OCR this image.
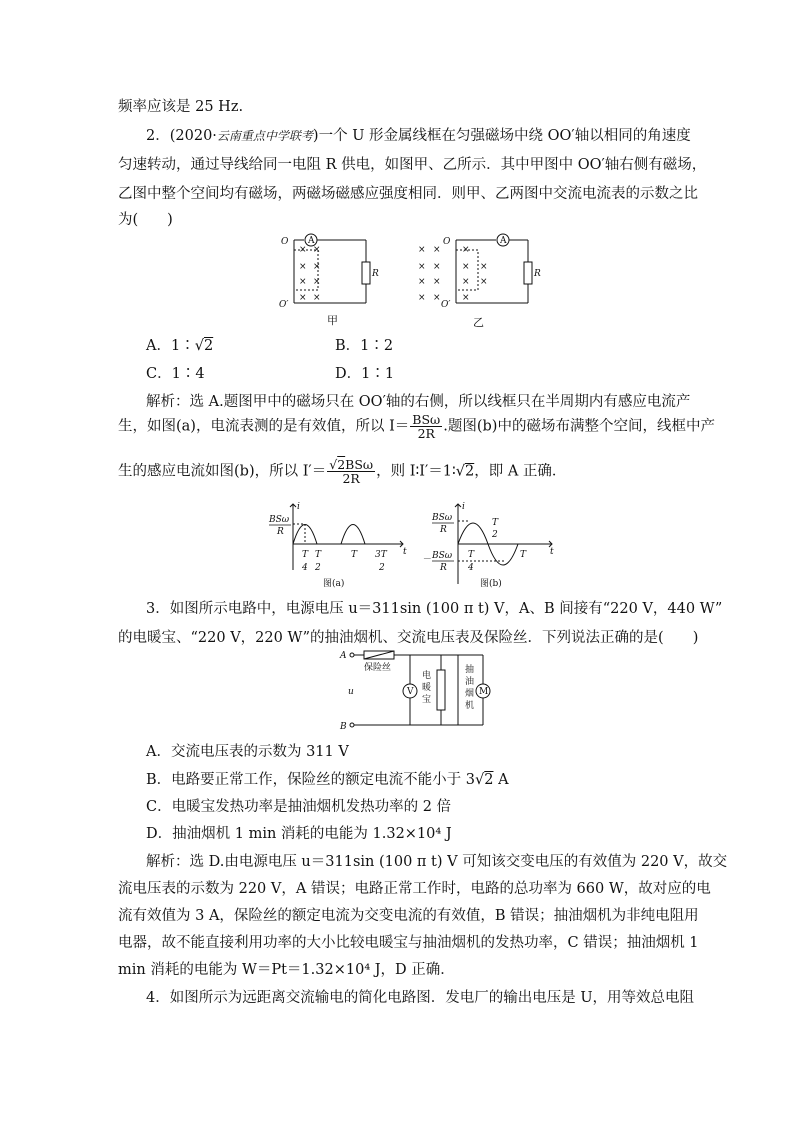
频率应该是 25 Hz.
2．(2020·云南重点中学联考)一个 U 形金属线框在匀强磁场中绕 OO′轴以相同的角速度
匀速转动，通过导线给同一电阻 R 供电，如图甲、乙所示．其中甲图中 OO′轴右侧有磁场，
乙图中整个空间均有磁场，两磁场磁感应强度相同．则甲、乙两图中交流电流表的示数之比
为(　　)
O
O′
A
R
O
O′
A
R
× ×
× ×
× ×
× ×
× × ×
× × × ×
× × × ×
× × ×
甲	乙
A．1∶√2	B．1∶2
C．1∶4	D．1∶1
解析：选 A.题图甲中的磁场只在 OO′轴的右侧，所以线框只在半周期内有感应电流产
生，如图(a)，电流表测的是有效值，所以 $I= \frac{\text{BSω}}{2R}$ .题图(b)中的磁场布满整个空间，线框中产
生的感应电流如图(b)，所以 $I'= \frac{\text{√2BSω}}{2R}$ ，则 I∶I′＝1∶√2，即 A 正确．
i
t
BSω
R
T
4
T
2
T 3T
2
图(a)
i
t
BSω
R
－ BSω
R
T
2
T
4
T
图(b)
3．如图所示电路中，电源电压 u＝311sin (100 π t) V，A、B 间接有“220 V，440 W”
的电暖宝、“220 V，220 W”的抽油烟机、交流电压表及保险丝．下列说法正确的是(　　)
A
B
u
保险丝
V	M
电
暖
宝
抽
油
烟
机
A．交流电压表的示数为 311 V
B．电路要正常工作，保险丝的额定电流不能小于 3√2 A
C．电暖宝发热功率是抽油烟机发热功率的 2 倍
D．抽油烟机 1 min 消耗的电能为 1.32×10⁴ J
解析：选 D.由电源电压 u＝311sin (100 π t) V 可知该交变电压的有效值为 220 V，故交
流电压表的示数为 220 V，A 错误；电路正常工作时，电路的总功率为 660 W，故对应的电
流有效值为 3 A，保险丝的额定电流为交变电流的有效值，B 错误；抽油烟机为非纯电阻用
电器，故不能直接利用功率的大小比较电暖宝与抽油烟机的发热功率，C 错误；抽油烟机 1
min 消耗的电能为 W＝Pt＝1.32×10⁴ J，D 正确．
4．如图所示为远距离交流输电的简化电路图．发电厂的输出电压是 U，用等效总电阻
